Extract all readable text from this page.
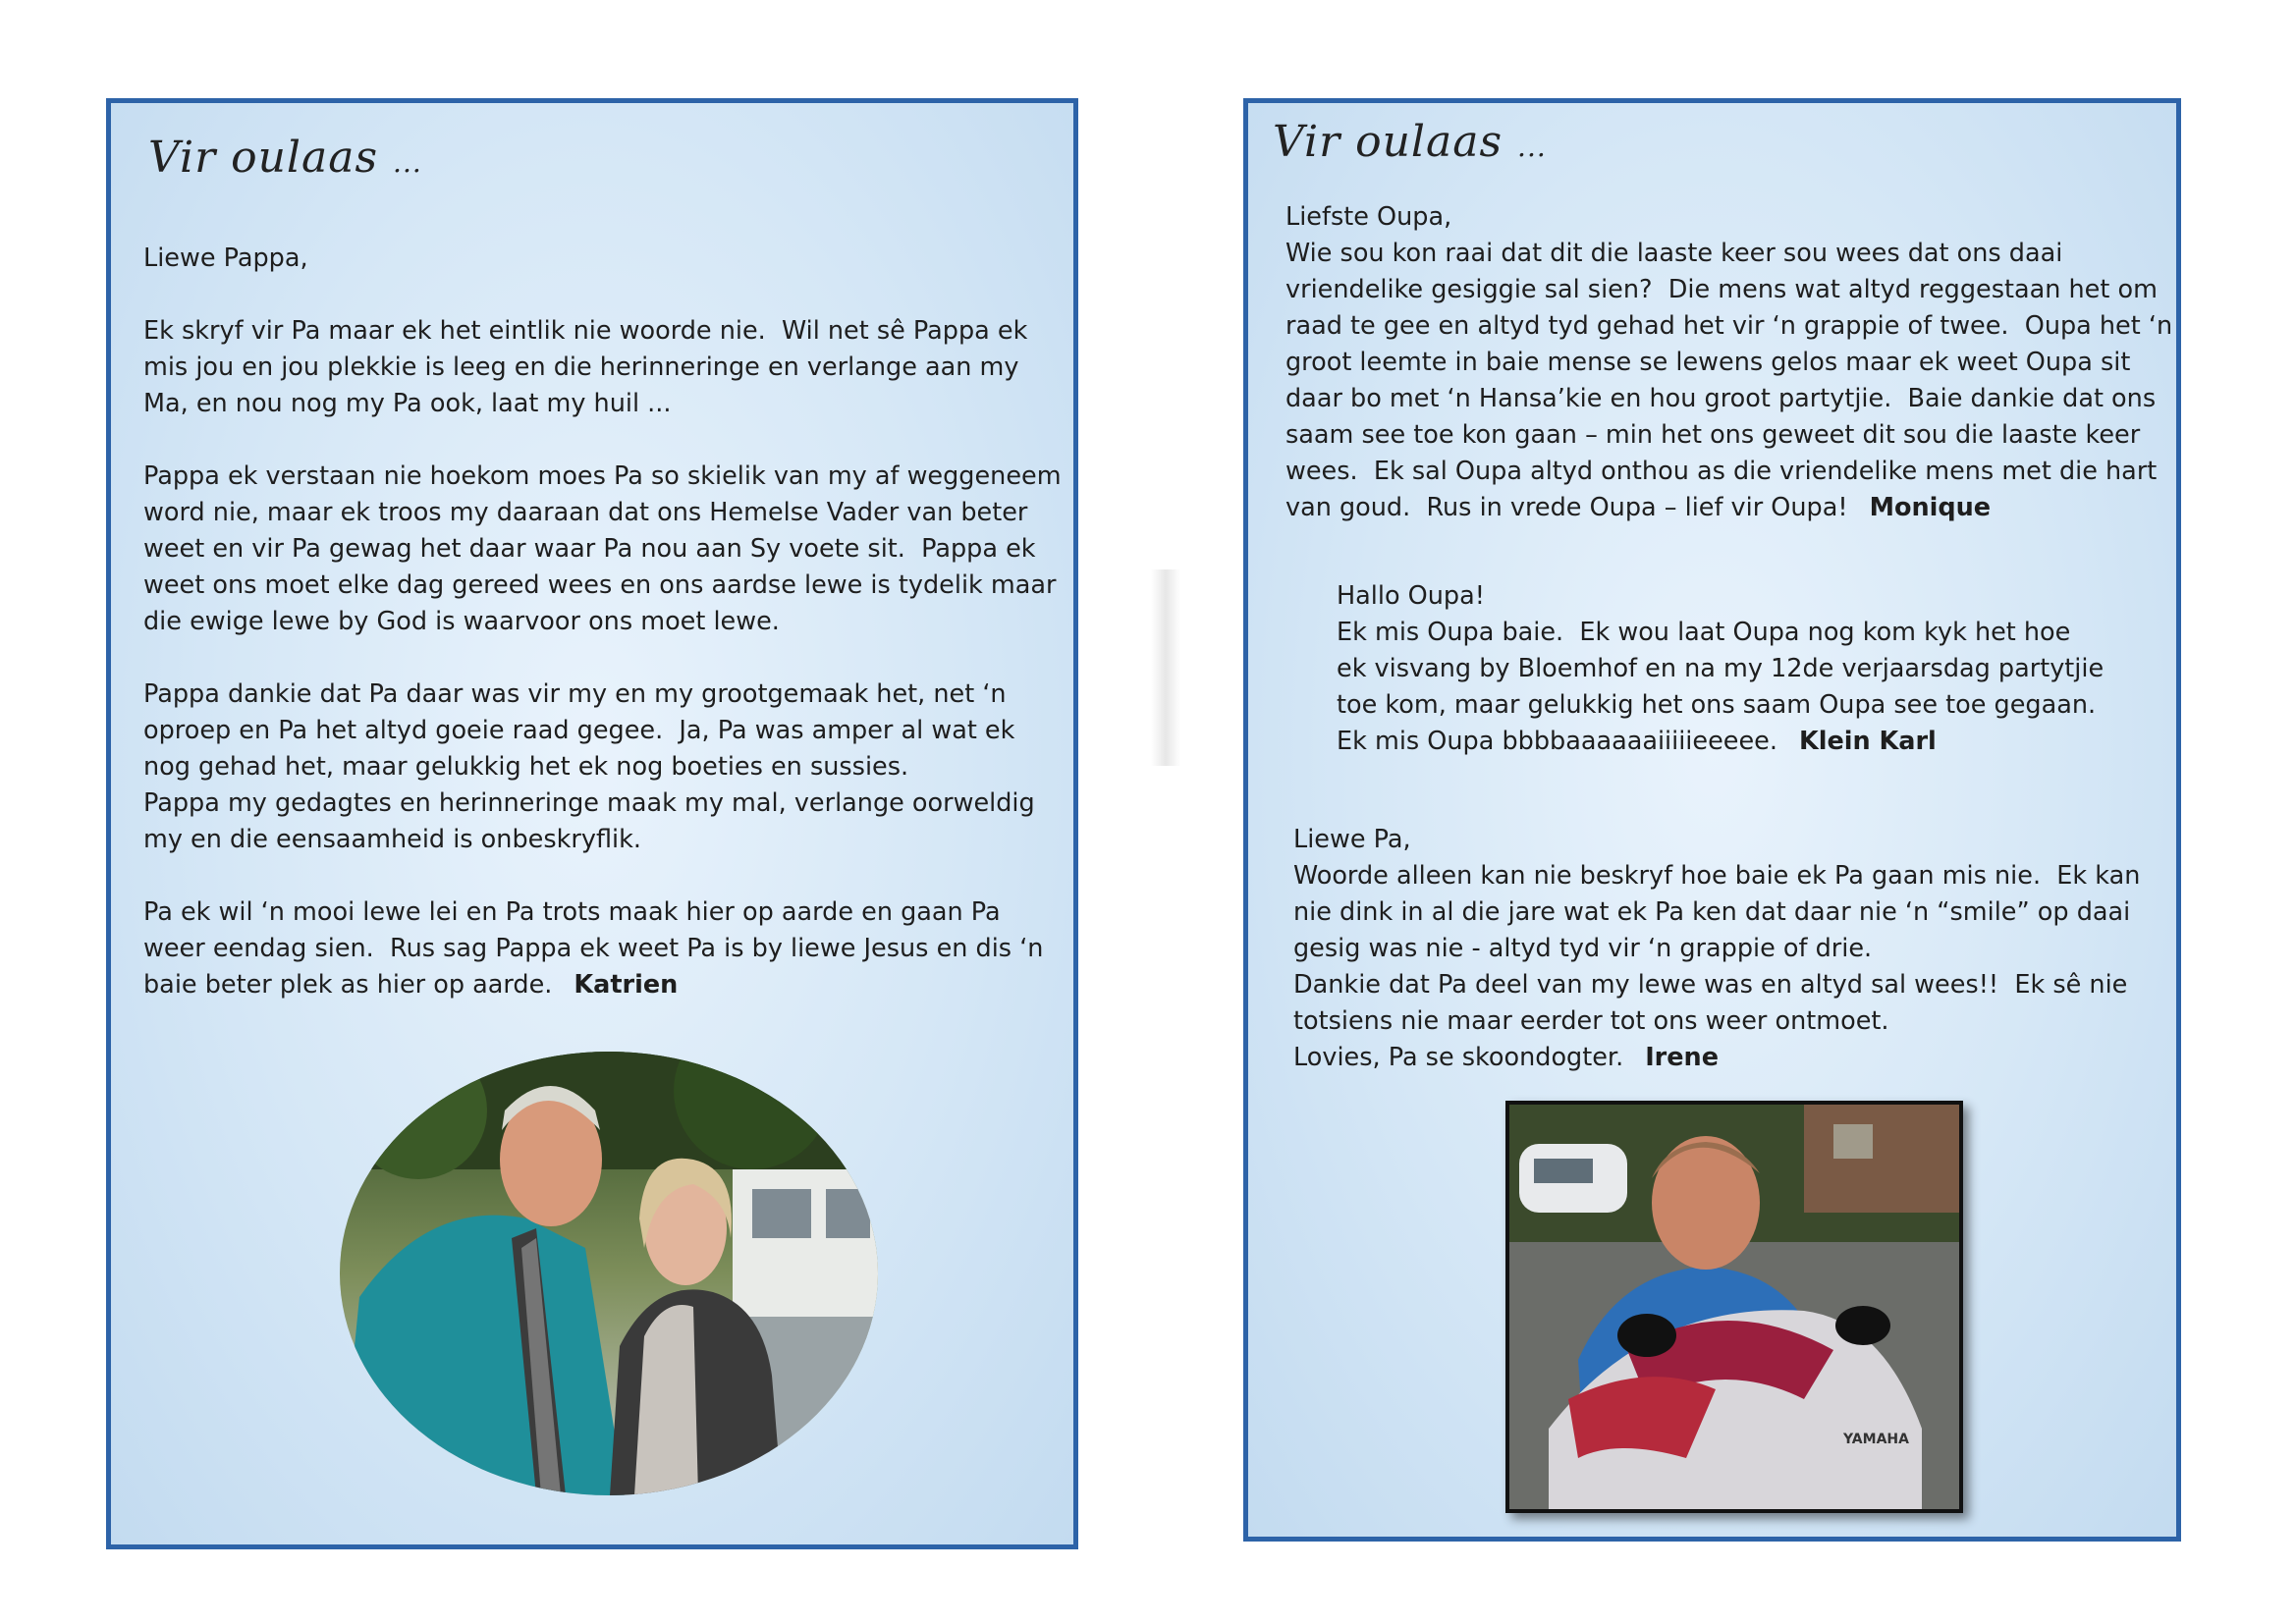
Vir oulaas ...
Liewe Pappa,

Ek skryf vir Pa maar ek het eintlik nie woorde nie.  Wil net sê Pappa ek
mis jou en jou plekkie is leeg en die herinneringe en verlange aan my
Ma, en nou nog my Pa ook, laat my huil ...

Pappa ek verstaan nie hoekom moes Pa so skielik van my af weggeneem
word nie, maar ek troos my daaraan dat ons Hemelse Vader van beter
weet en vir Pa gewag het daar waar Pa nou aan Sy voete sit.  Pappa ek
weet ons moet elke dag gereed wees en ons aardse lewe is tydelik maar
die ewige lewe by God is waarvoor ons moet lewe.

Pappa dankie dat Pa daar was vir my en my grootgemaak het, net ‘n
oproep en Pa het altyd goeie raad gegee.  Ja, Pa was amper al wat ek
nog gehad het, maar gelukkig het ek nog boeties en sussies.
Pappa my gedagtes en herinneringe maak my mal, verlange oorweldig
my en die eensaamheid is onbeskryflik.

Pa ek wil ‘n mooi lewe lei en Pa trots maak hier op aarde en gaan Pa
weer eendag sien.  Rus sag Pappa ek weet Pa is by liewe Jesus en dis ‘n
baie beter plek as hier op aarde. Katrien
Vir oulaas ...
Liefste Oupa,
Wie sou kon raai dat dit die laaste keer sou wees dat ons daai
vriendelike gesiggie sal sien?  Die mens wat altyd reggestaan het om
raad te gee en altyd tyd gehad het vir ‘n grappie of twee.  Oupa het ‘n
groot leemte in baie mense se lewens gelos maar ek weet Oupa sit
daar bo met ‘n Hansa’kie en hou groot partytjie.  Baie dankie dat ons
saam see toe kon gaan – min het ons geweet dit sou die laaste keer
wees.  Ek sal Oupa altyd onthou as die vriendelike mens met die hart
van goud.  Rus in vrede Oupa – lief vir Oupa! Monique
Hallo Oupa!
Ek mis Oupa baie.  Ek wou laat Oupa nog kom kyk het hoe
ek visvang by Bloemhof en na my 12de verjaarsdag partytjie
toe kom, maar gelukkig het ons saam Oupa see toe gegaan.
Ek mis Oupa bbbbaaaaaaiiiiieeeee. Klein Karl
Liewe Pa,
Woorde alleen kan nie beskryf hoe baie ek Pa gaan mis nie.  Ek kan
nie dink in al die jare wat ek Pa ken dat daar nie ‘n “smile” op daai
gesig was nie - altyd tyd vir ‘n grappie of drie.
Dankie dat Pa deel van my lewe was en altyd sal wees!!  Ek sê nie
totsiens nie maar eerder tot ons weer ontmoet.
Lovies, Pa se skoondogter. Irene
YAMAHA
